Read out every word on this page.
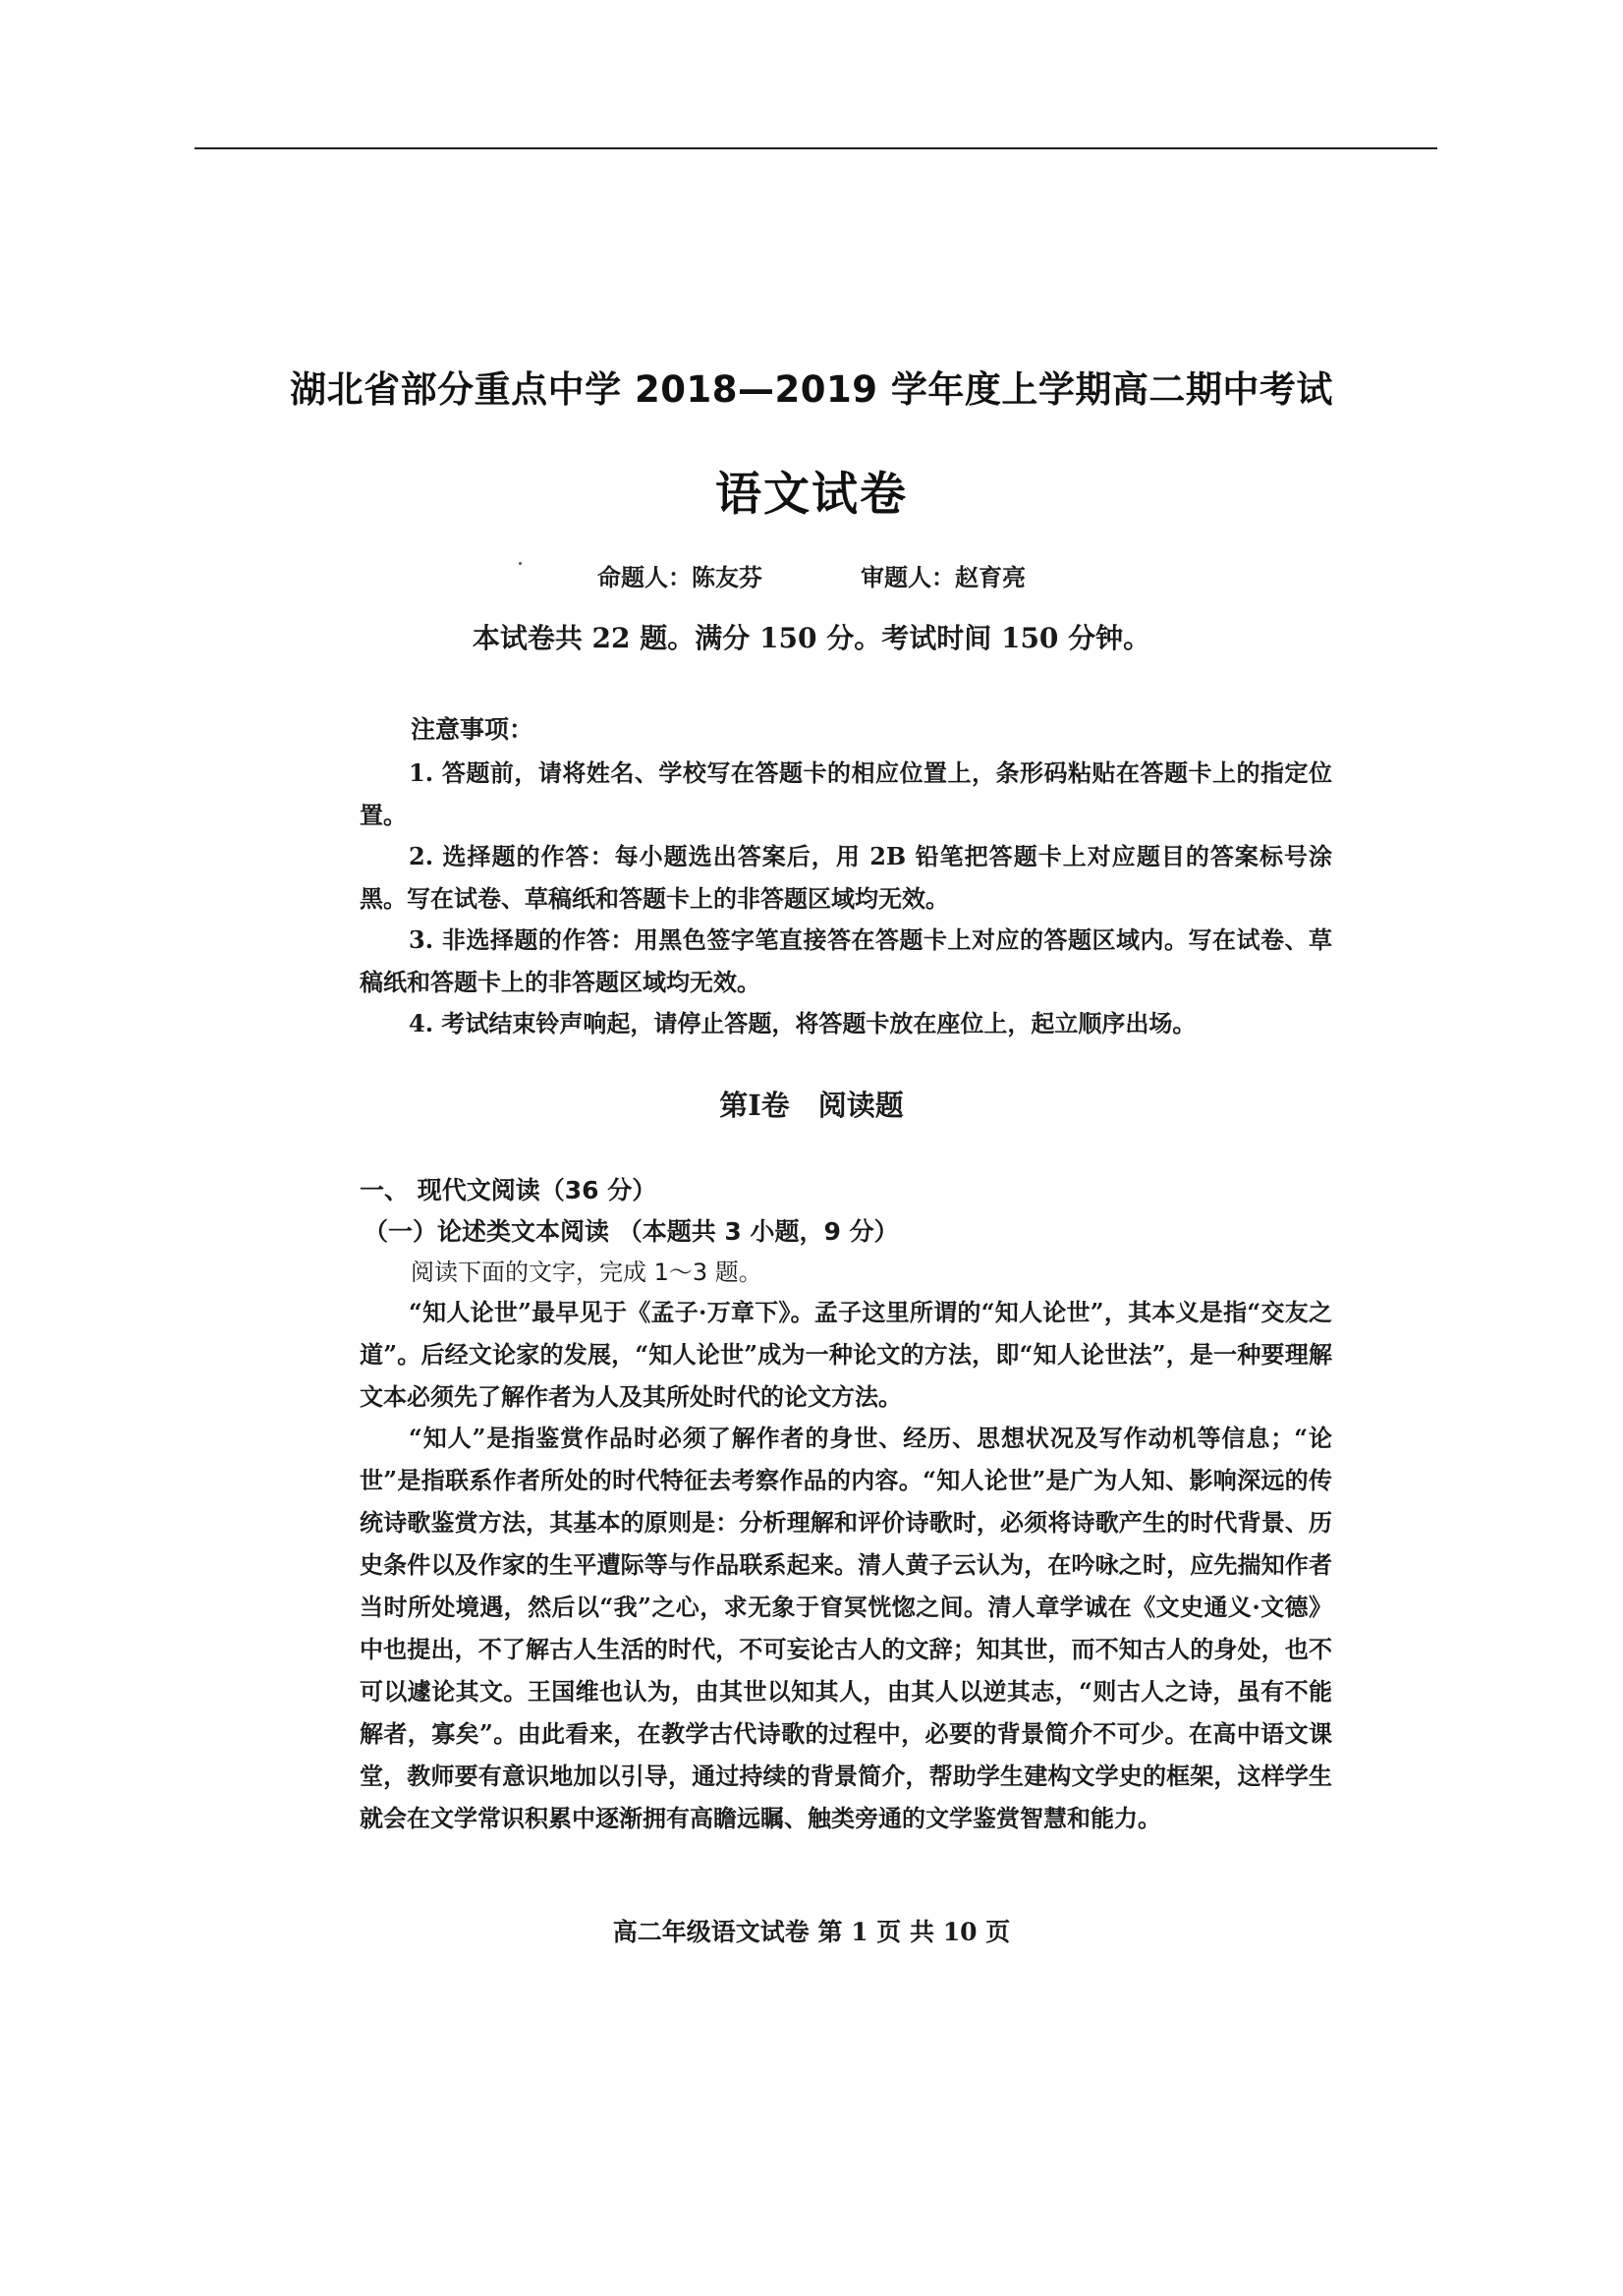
湖北省部分重点中学 2018—2019 学年度上学期高二期中考试
语文试卷
命题人：陈友芬	审题人：赵育亮
本试卷共 22 题。满分 150 分。考试时间 150 分钟。
注意事项：
1. 答题前，请将姓名、学校写在答题卡的相应位置上，条形码粘贴在答题卡上的指定位置。
2. 选择题的作答：每小题选出答案后，用 2B 铅笔把答题卡上对应题目的答案标号涂黑。写在试卷、草稿纸和答题卡上的非答题区域均无效。
3. 非选择题的作答：用黑色签字笔直接答在答题卡上对应的答题区域内。写在试卷、草稿纸和答题卡上的非答题区域均无效。
4. 考试结束铃声响起，请停止答题，将答题卡放在座位上，起立顺序出场。
第Ⅰ卷　阅读题
一、 现代文阅读（36 分）
（一）论述类文本阅读 （本题共 3 小题，9 分）
阅读下面的文字，完成 1～3 题。
“知人论世”最早见于《孟子·万章下》。孟子这里所谓的“知人论世”，其本义是指“交友之道”。后经文论家的发展，“知人论世”成为一种论文的方法，即“知人论世法”，是一种要理解文本必须先了解作者为人及其所处时代的论文方法。
“知人”是指鉴赏作品时必须了解作者的身世、经历、思想状况及写作动机等信息；“论世”是指联系作者所处的时代特征去考察作品的内容。“知人论世”是广为人知、影响深远的传统诗歌鉴赏方法，其基本的原则是：分析理解和评价诗歌时，必须将诗歌产生的时代背景、历史条件以及作家的生平遭际等与作品联系起来。清人黄子云认为，在吟咏之时，应先揣知作者当时所处境遇，然后以“我”之心，求无象于窅冥恍惚之间。清人章学诚在《文史通义·文德》中也提出，不了解古人生活的时代，不可妄论古人的文辞；知其世，而不知古人的身处，也不可以遽论其文。王国维也认为，由其世以知其人，由其人以逆其志，“则古人之诗，虽有不能解者，寡矣”。由此看来，在教学古代诗歌的过程中，必要的背景简介不可少。在高中语文课堂，教师要有意识地加以引导，通过持续的背景简介，帮助学生建构文学史的框架，这样学生就会在文学常识积累中逐渐拥有高瞻远瞩、触类旁通的文学鉴赏智慧和能力。
高二年级语文试卷 第 1 页 共 10 页
